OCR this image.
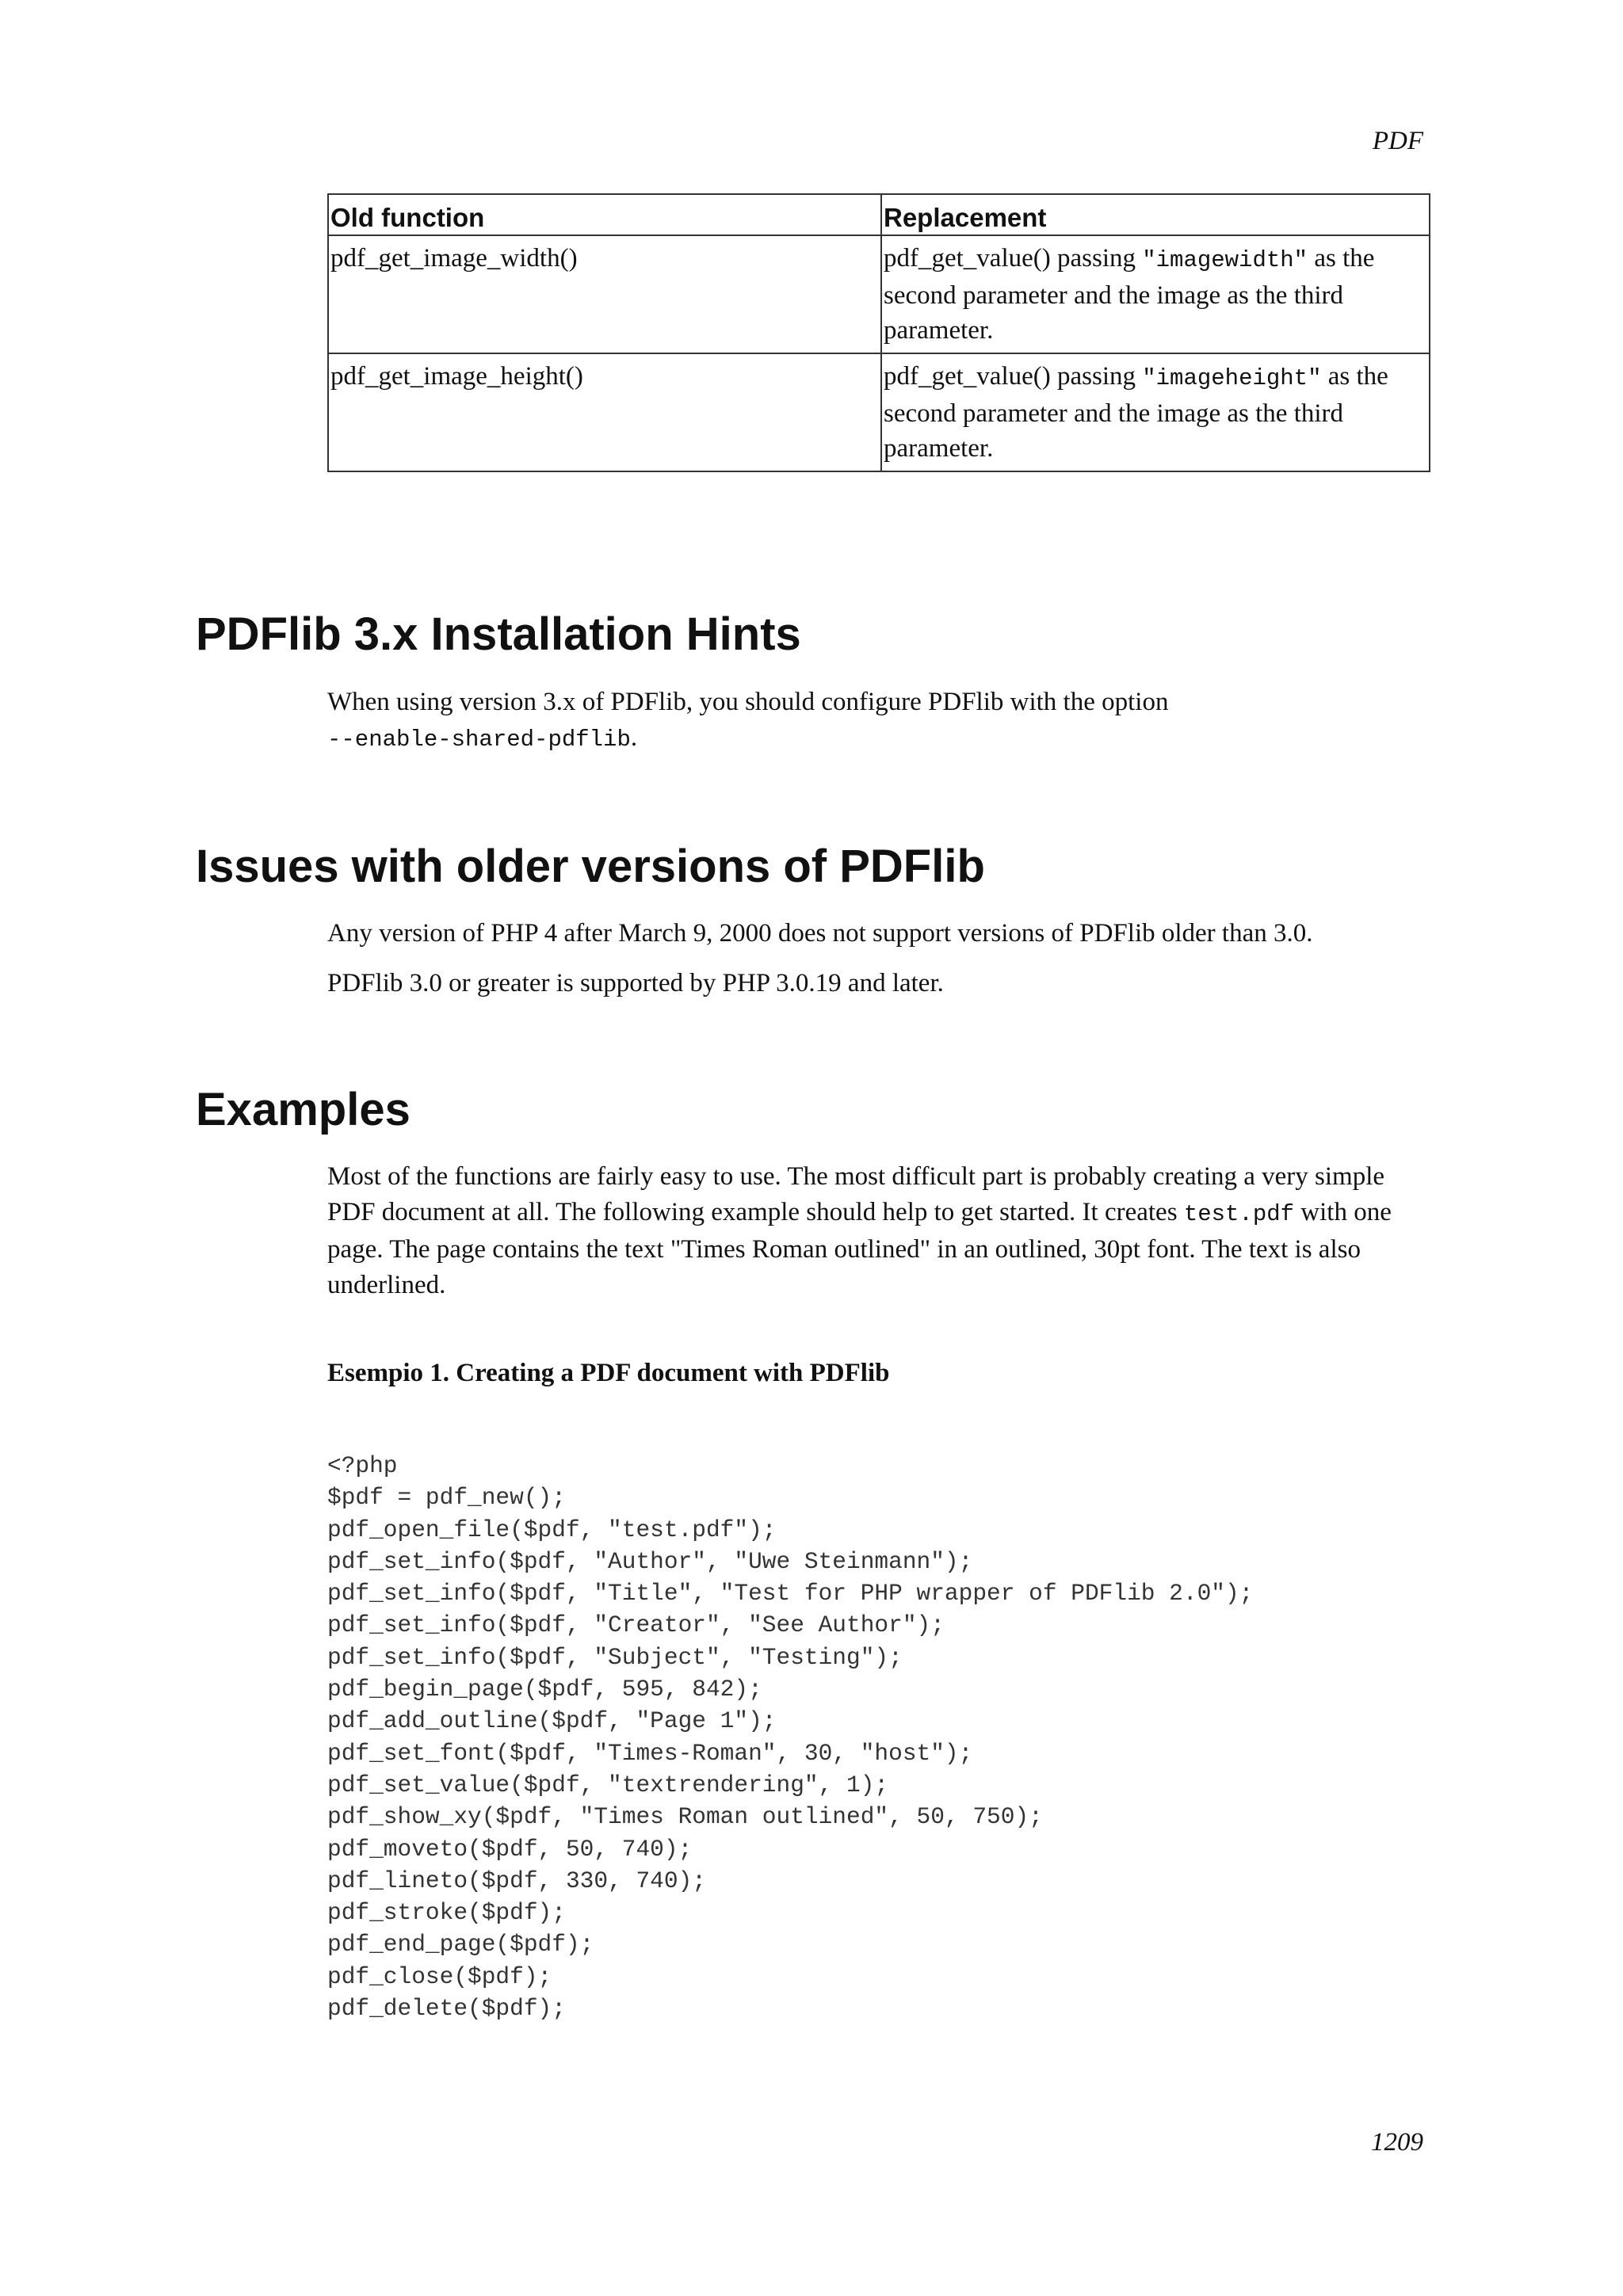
PDF
Old function	Replacement
pdf_get_image_width()	pdf_get_value() passing "imagewidth" as the second parameter and the image as the third parameter.
pdf_get_image_height()	pdf_get_value() passing "imageheight" as the second parameter and the image as the third parameter.
PDFlib 3.x Installation Hints

When using version 3.x of PDFlib, you should configure PDFlib with the option
--enable-shared-pdflib.

Issues with older versions of PDFlib

Any version of PHP 4 after March 9, 2000 does not support versions of PDFlib older than 3.0.

PDFlib 3.0 or greater is supported by PHP 3.0.19 and later.

Examples

Most of the functions are fairly easy to use. The most difficult part is probably creating a very simple PDF document at all. The following example should help to get started. It creates test.pdf with one page. The page contains the text "Times Roman outlined" in an outlined, 30pt font. The text is also underlined.

Esempio 1. Creating a PDF document with PDFlib
<?php
$pdf = pdf_new();
pdf_open_file($pdf, "test.pdf");
pdf_set_info($pdf, "Author", "Uwe Steinmann");
pdf_set_info($pdf, "Title", "Test for PHP wrapper of PDFlib 2.0");
pdf_set_info($pdf, "Creator", "See Author");
pdf_set_info($pdf, "Subject", "Testing");
pdf_begin_page($pdf, 595, 842);
pdf_add_outline($pdf, "Page 1");
pdf_set_font($pdf, "Times-Roman", 30, "host");
pdf_set_value($pdf, "textrendering", 1);
pdf_show_xy($pdf, "Times Roman outlined", 50, 750);
pdf_moveto($pdf, 50, 740);
pdf_lineto($pdf, 330, 740);
pdf_stroke($pdf);
pdf_end_page($pdf);
pdf_close($pdf);
pdf_delete($pdf);
1209
